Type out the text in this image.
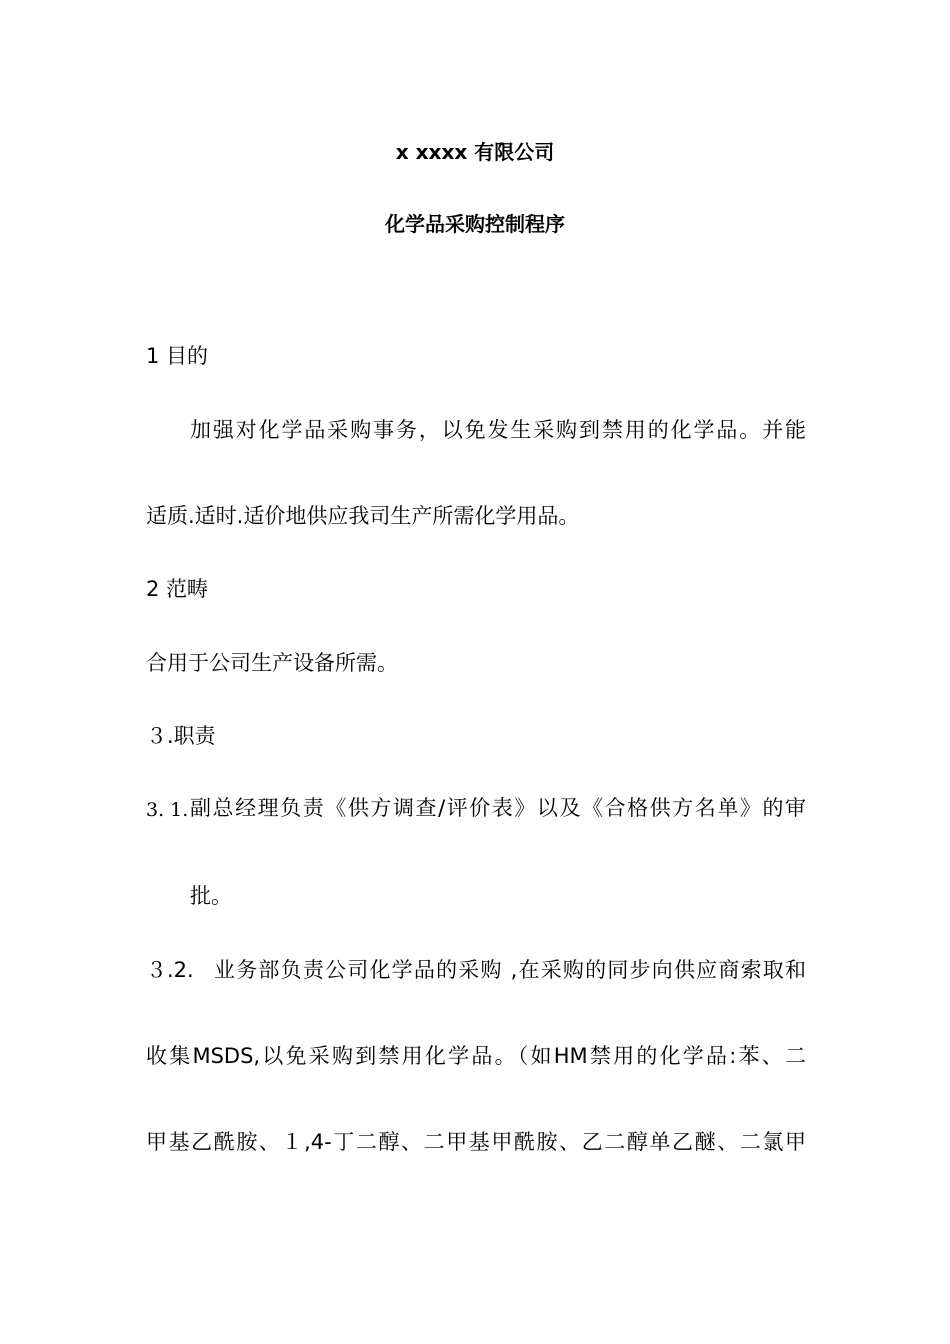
x xxxx 有限公司
化学品采购控制程序
1 目的
加强对化学品采购事务，以免发生采购到禁用的化学品。并能
适质.适时.适价地供应我司生产所需化学用品。
2 范畴
合用于公司生产设备所需。
３.职责
3. 1. 副总经理负责《供方调查/评价表》以及《合格供方名单》的审
批。
３.2. 业务部负责公司化学品的采购 ,在采购的同步向供应商索取和
收集MSDS,以免采购到禁用化学品。（如HM禁用的化学品:苯、二
甲基乙酰胺、１,4-丁二醇、二甲基甲酰胺、乙二醇单乙醚、二氯甲
